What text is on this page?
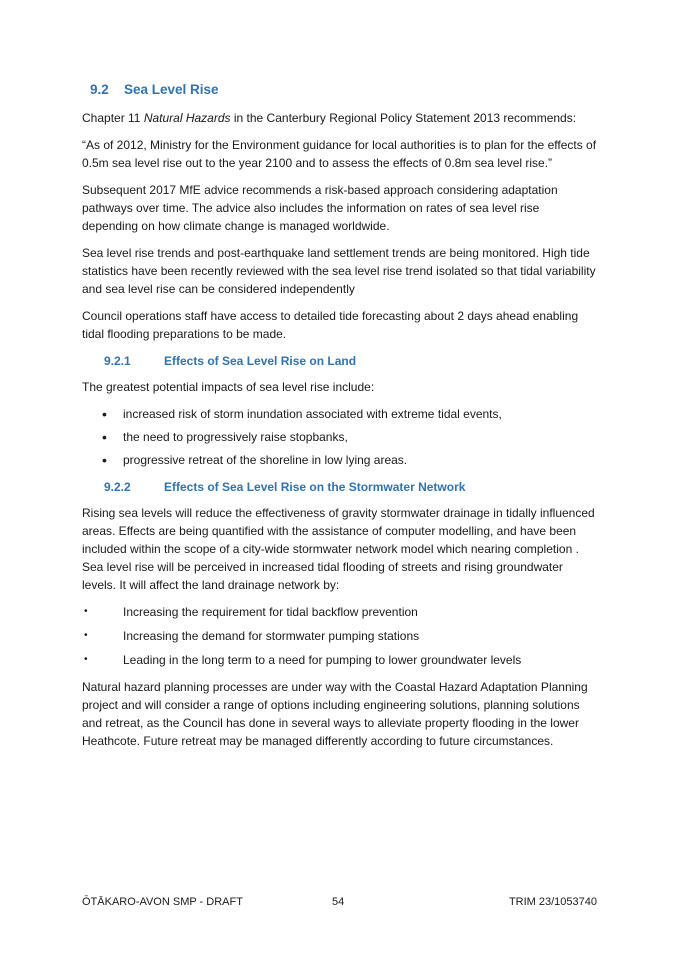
9.2 Sea Level Rise

Chapter 11 Natural Hazards in the Canterbury Regional Policy Statement 2013 recommends:

“As of 2012, Ministry for the Environment guidance for local authorities is to plan for the effects of 0.5m sea level rise out to the year 2100 and to assess the effects of 0.8m sea level rise.”

Subsequent 2017 MfE advice recommends a risk-based approach considering adaptation pathways over time. The advice also includes the information on rates of sea level rise depending on how climate change is managed worldwide.

Sea level rise trends and post-earthquake land settlement trends are being monitored. High tide statistics have been recently reviewed with the sea level rise trend isolated so that tidal variability and sea level rise can be considered independently

Council operations staff have access to detailed tide forecasting about 2 days ahead enabling tidal flooding preparations to be made.

9.2.1	Effects of Sea Level Rise on Land

The greatest potential impacts of sea level rise include:

• increased risk of storm inundation associated with extreme tidal events,
• the need to progressively raise stopbanks,
• progressive retreat of the shoreline in low lying areas.
9.2.2	Effects of Sea Level Rise on the Stormwater Network

Rising sea levels will reduce the effectiveness of gravity stormwater drainage in tidally influenced areas. Effects are being quantified with the assistance of computer modelling, and have been included within the scope of a city-wide stormwater network model which nearing completion . Sea level rise will be perceived in increased tidal flooding of streets and rising groundwater levels. It will affect the land drainage network by:

•	Increasing the requirement for tidal backflow prevention
•	Increasing the demand for stormwater pumping stations
•	Leading in the long term to a need for pumping to lower groundwater levels

Natural hazard planning processes are under way with the Coastal Hazard Adaptation Planning project and will consider a range of options including engineering solutions, planning solutions and retreat, as the Council has done in several ways to alleviate property flooding in the lower Heathcote. Future retreat may be managed differently according to future circumstances.

ŌTĀKARO-AVON SMP - DRAFT	54	TRIM 23/1053740
